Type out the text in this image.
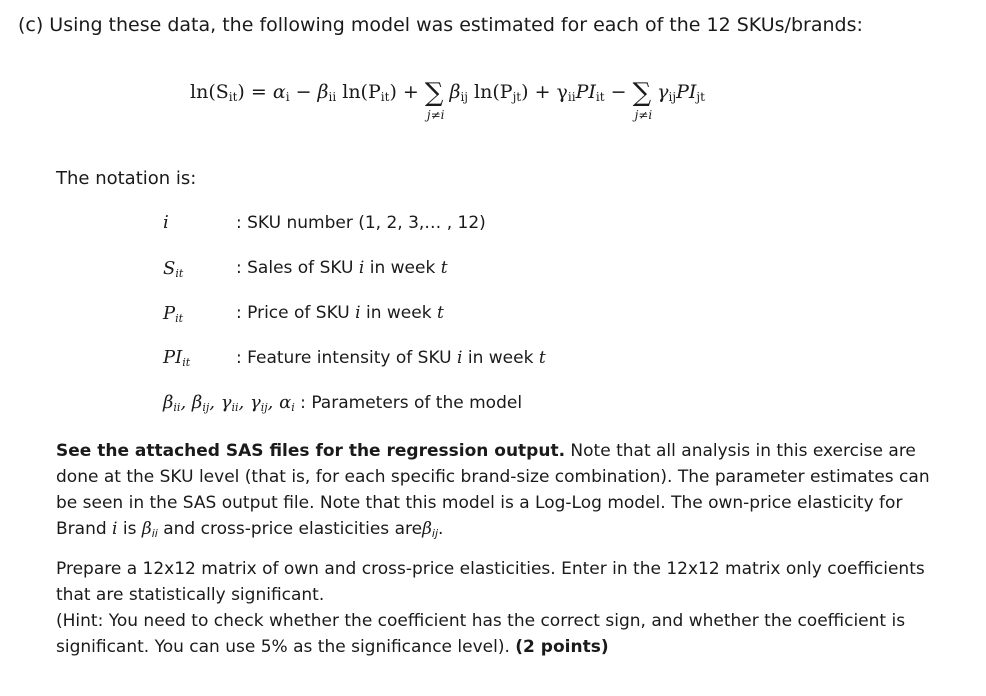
(c) Using these data, the following model was estimated for each of the 12 SKUs/brands:
$\ln(S_{it}) = \alpha_i - \beta_{ii}$ $\ln(P_{it})$ + ∑
j≠i
$\beta_{ij}$ $\ln(P_{jt}) + \gamma_{ii}PI_{it}$ − ∑
j≠i
$\gamma_{ij}PI_{jt}$
The notation is:
i	: SKU number (1, 2, 3,… , 12)
$S_{it}$	: Sales of SKU i in week t
$P_{it}$	: Price of SKU i in week t
$PI_{it}$	: Feature intensity of SKU i in week t
$\beta_{ii}$, $\beta_{ij}$, $\gamma_{ii}$, $\gamma_{ij}$, $\alpha_i$ : Parameters of the model
See the attached SAS files for the regression output. Note that all analysis in this exercise are done at the SKU level (that is, for each specific brand-size combination). The parameter estimates can be seen in the SAS output file. Note that this model is a Log-Log model. The own-price elasticity for Brand i is $\beta_{ii}$ and cross-price elasticities areβ$_{ij}$.
Prepare a 12x12 matrix of own and cross-price elasticities. Enter in the 12x12 matrix only coefficients that are statistically significant.
(Hint: You need to check whether the coefficient has the correct sign, and whether the coefficient is significant. You can use 5% as the significance level). (2 points)
